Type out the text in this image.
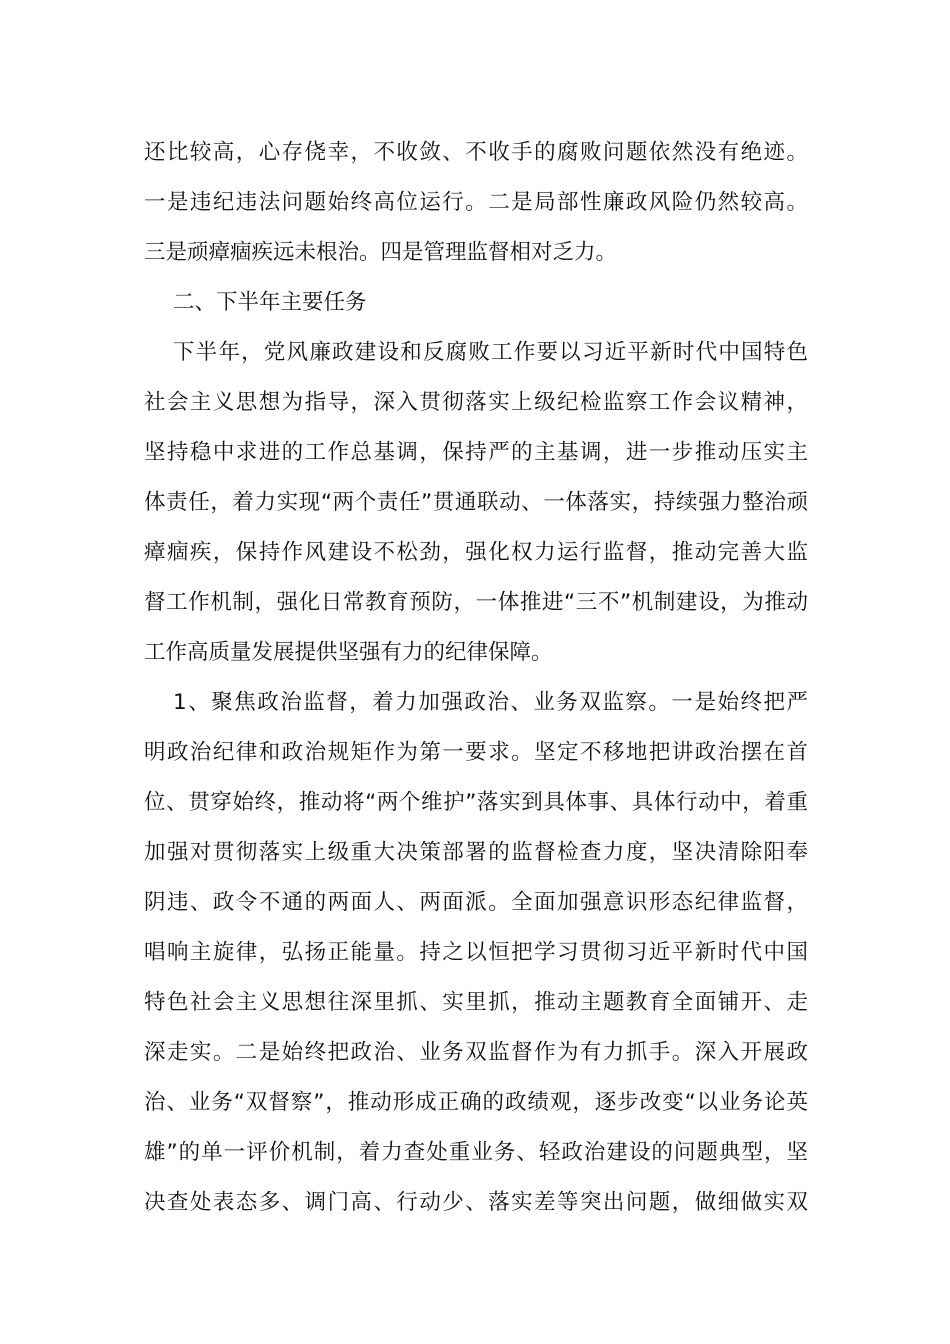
还比较高，心存侥幸，不收敛、不收手的腐败问题依然没有绝迹。
一是违纪违法问题始终高位运行。二是局部性廉政风险仍然较高。
三是顽瘴痼疾远未根治。四是管理监督相对乏力。
二、下半年主要任务
下半年，党风廉政建设和反腐败工作要以习近平新时代中国特色
社会主义思想为指导，深入贯彻落实上级纪检监察工作会议精神，
坚持稳中求进的工作总基调，保持严的主基调，进一步推动压实主
体责任，着力实现“两个责任”贯通联动、一体落实，持续强力整治顽
瘴痼疾，保持作风建设不松劲，强化权力运行监督，推动完善大监
督工作机制，强化日常教育预防，一体推进“三不”机制建设，为推动
工作高质量发展提供坚强有力的纪律保障。
1、聚焦政治监督，着力加强政治、业务双监察。一是始终把严
明政治纪律和政治规矩作为第一要求。坚定不移地把讲政治摆在首
位、贯穿始终，推动将“两个维护”落实到具体事、具体行动中，着重
加强对贯彻落实上级重大决策部署的监督检查力度，坚决清除阳奉
阴违、政令不通的两面人、两面派。全面加强意识形态纪律监督，
唱响主旋律，弘扬正能量。持之以恒把学习贯彻习近平新时代中国
特色社会主义思想往深里抓、实里抓，推动主题教育全面铺开、走
深走实。二是始终把政治、业务双监督作为有力抓手。深入开展政
治、业务“双督察”，推动形成正确的政绩观，逐步改变“以业务论英
雄”的单一评价机制，着力查处重业务、轻政治建设的问题典型，坚
决查处表态多、调门高、行动少、落实差等突出问题，做细做实双
